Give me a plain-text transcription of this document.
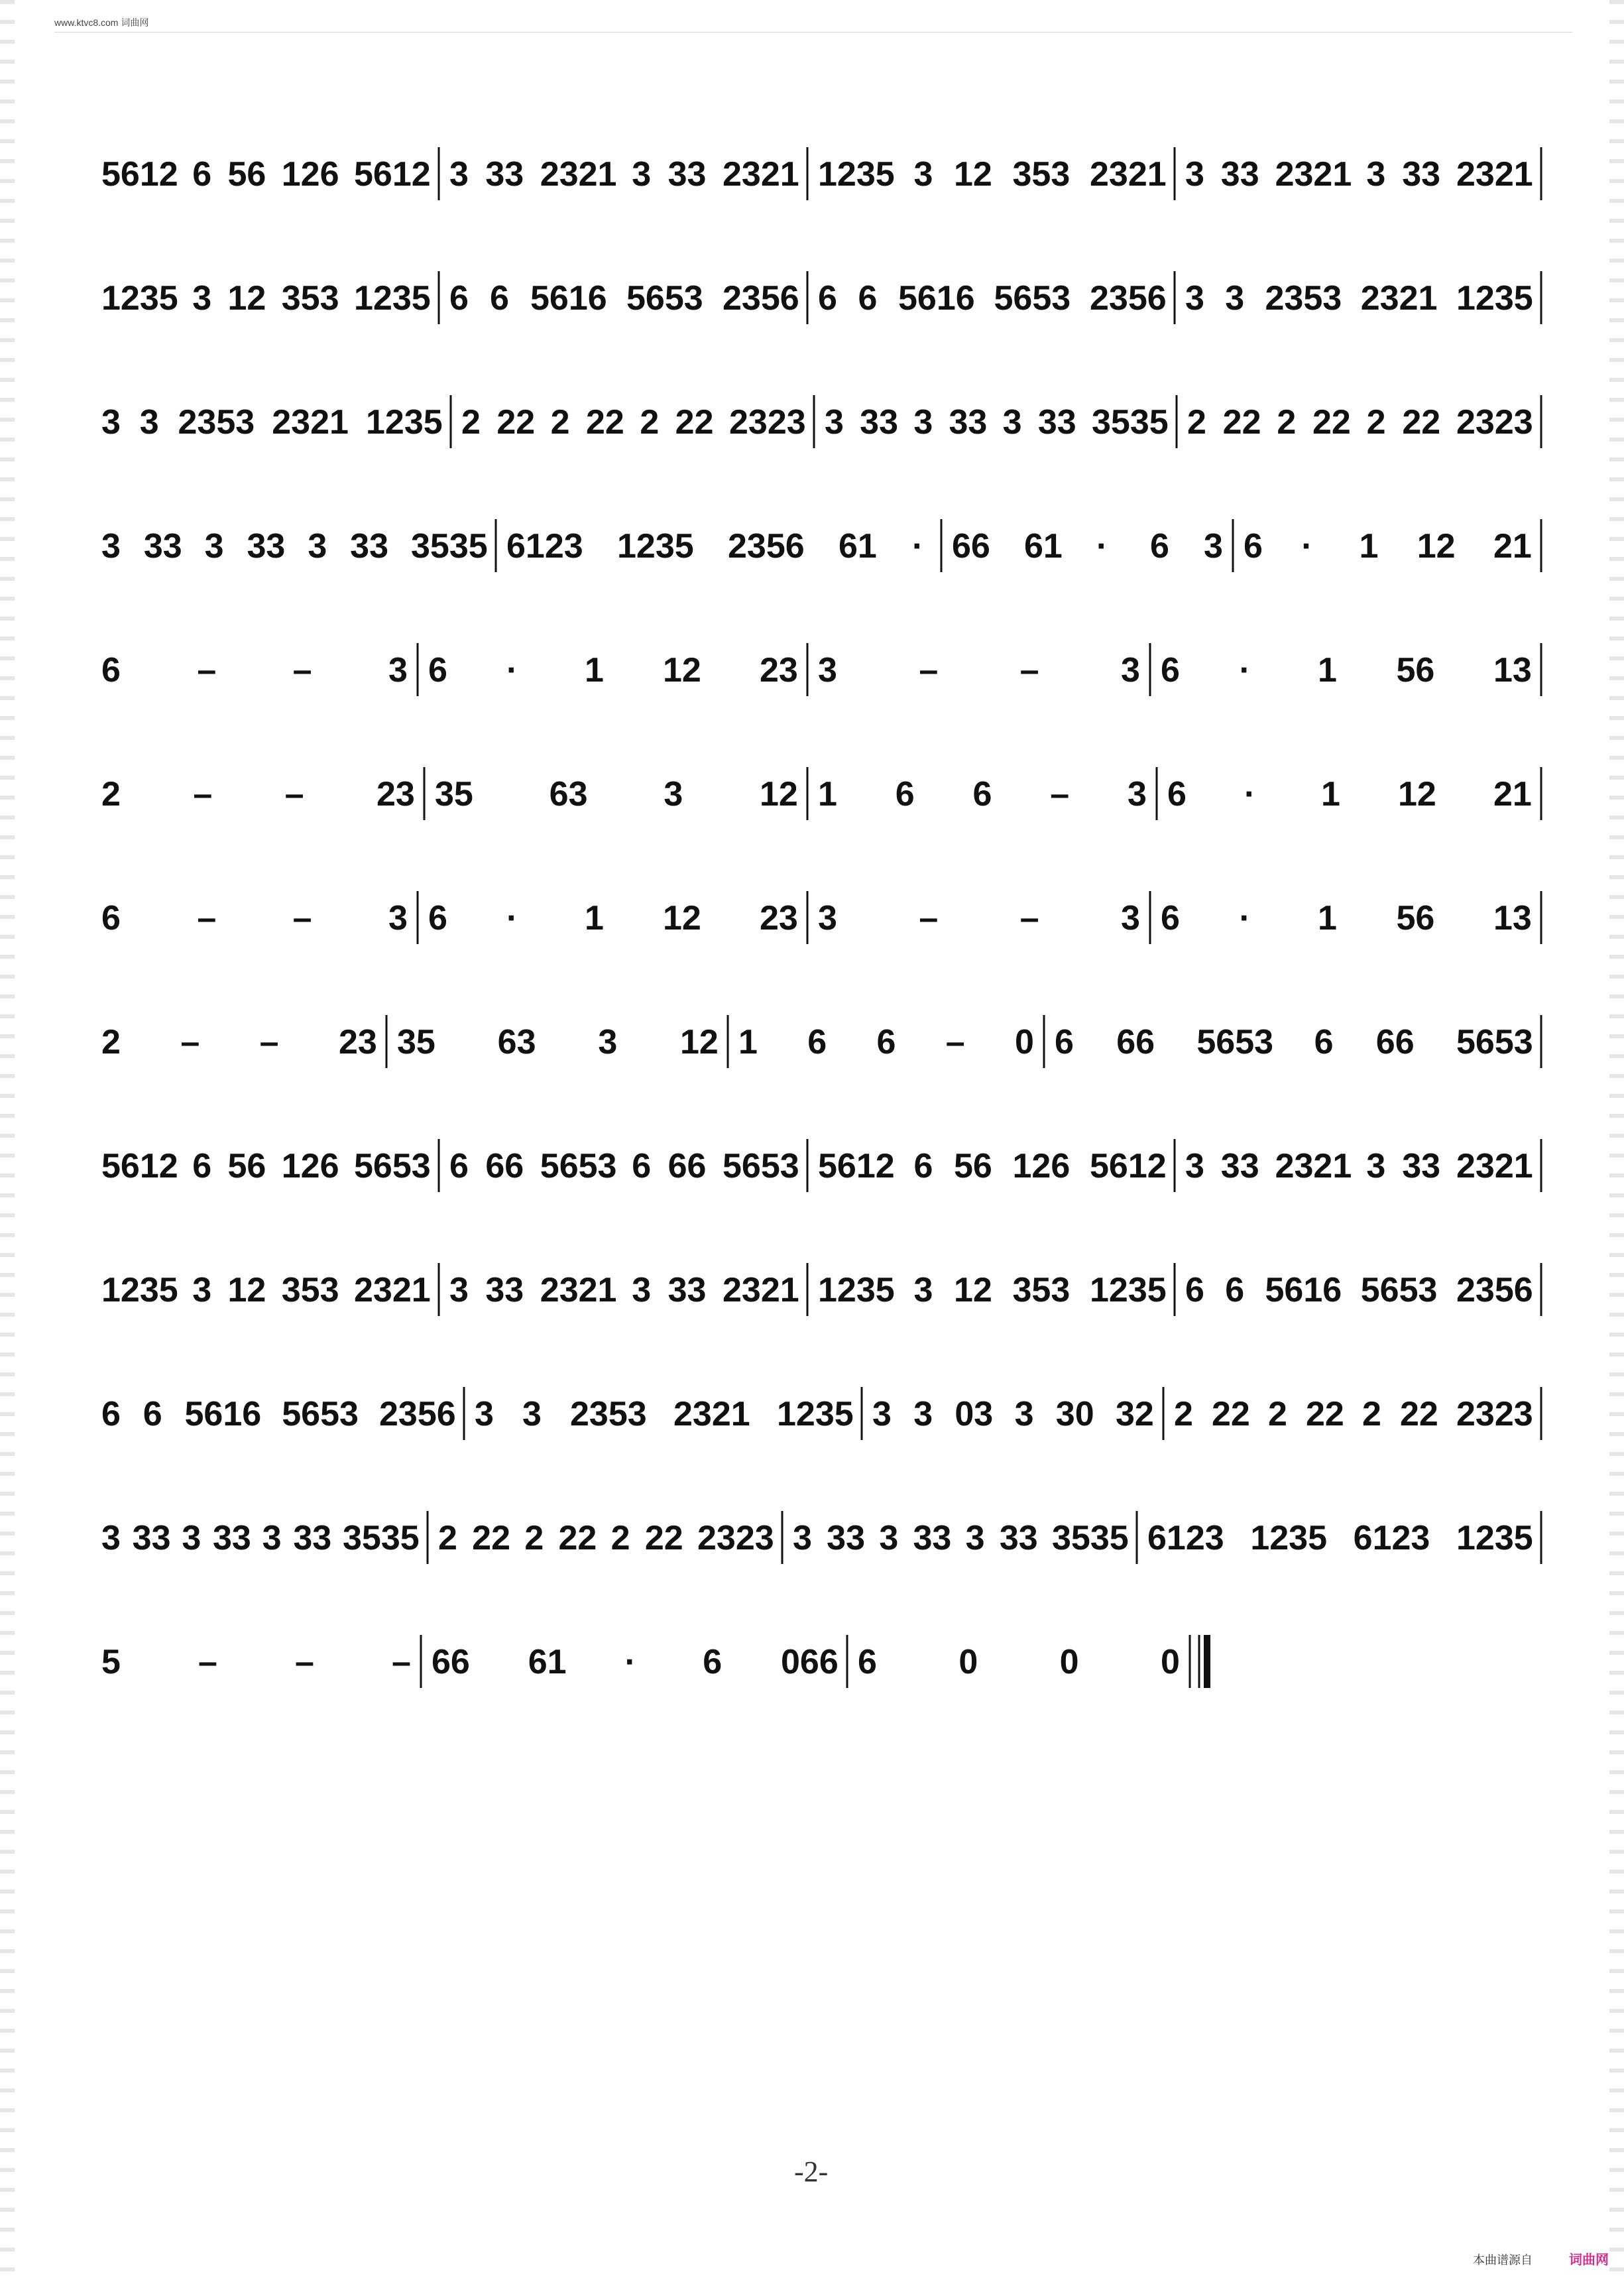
www.ktvc8.com 词曲网
5612 6 56 126 5612 3 33 2321 3 33 2321 1235 3 12 353 2321 3 33 2321 3 33 2321
1235 3 12 353 1235 6 6 5616 5653 2356 6 6 5616 5653 2356 3 3 2353 2321 1235
3 3 2353 2321 1235 2 22 2 22 2 22 2323 3 33 3 33 3 33 3535 2 22 2 22 2 22 2323
3 33 3 33 3 33 3535 6123 1235 2356 61 · 66 61 · 6 3 6 · 1 12 21
6 – – 3 6 · 1 12 23 3 – – 3 6 · 1 56 13
2 – – 23 35 63 3 12 1 6 6 – 3 6 · 1 12 21
6 – – 3 6 · 1 12 23 3 – – 3 6 · 1 56 13
2 – – 23 35 63 3 12 1 6 6 – 0 6 66 5653 6 66 5653
5612 6 56 126 5653 6 66 5653 6 66 5653 5612 6 56 126 5612 3 33 2321 3 33 2321
1235 3 12 353 2321 3 33 2321 3 33 2321 1235 3 12 353 1235 6 6 5616 5653 2356
6 6 5616 5653 2356 3 3 2353 2321 1235 3 3 03 3 30 32 2 22 2 22 2 22 2323
3 33 3 33 3 33 3535 2 22 2 22 2 22 2323 3 33 3 33 3 33 3535 6123 1235 6123 1235
5 – – – 66 61 · 6 066 6 0 0 0
-2-
本曲谱源自	词曲网
